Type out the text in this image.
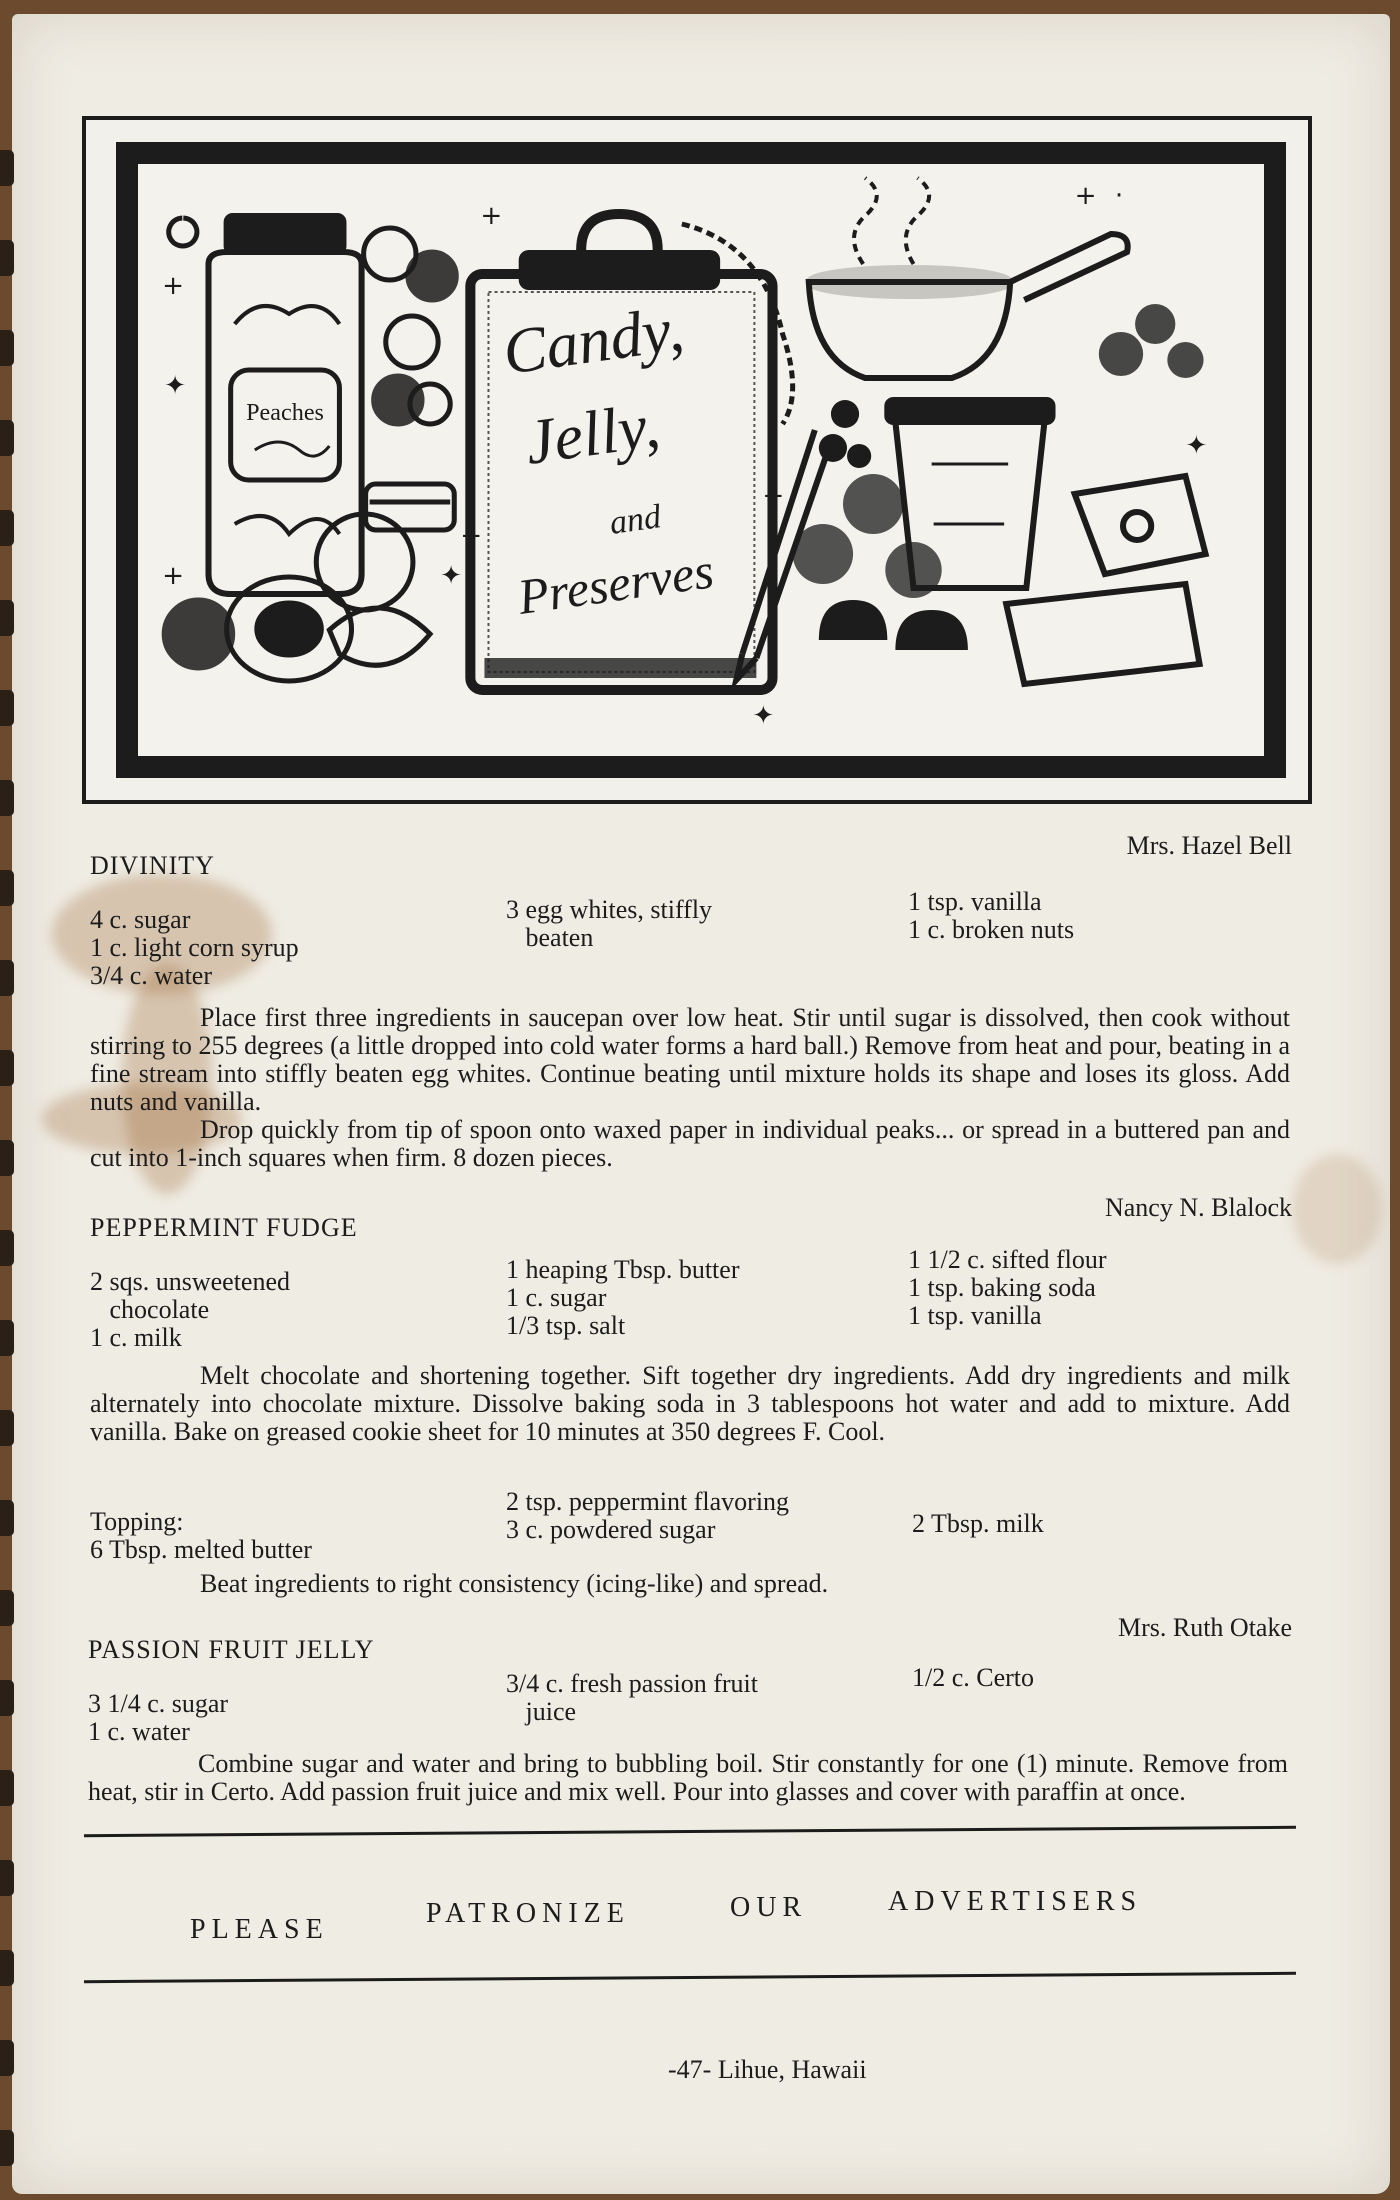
Peaches
Candy,
Jelly,
and
Preserves
+
✦
+
+
+
✦
+
✦
✦
+
·
·
DIVINITY
Mrs. Hazel Bell
4 c. sugar
1 c. light corn syrup
3/4 c. water
3 egg whites, stiffly
beaten
1 tsp. vanilla
1 c. broken nuts

Place first three ingredients in saucepan over low heat. Stir until sugar is dissolved, then cook without stirring to 255 degrees (a little dropped into cold water forms a hard ball.) Remove from heat and pour, beating in a fine stream into stiffly beaten egg whites. Continue beating until mixture holds its shape and loses its gloss. Add nuts and vanilla.

Drop quickly from tip of spoon onto waxed paper in individual peaks... or spread in a buttered pan and cut into 1-inch squares when firm. 8 dozen pieces.

PEPPERMINT FUDGE
Nancy N. Blalock
2 sqs. unsweetened
chocolate
1 c. milk
1 heaping Tbsp. butter
1 c. sugar
1/3 tsp. salt
1 1/2 c. sifted flour
1 tsp. baking soda
1 tsp. vanilla

Melt chocolate and shortening together. Sift together dry ingredients. Add dry ingredients and milk alternately into chocolate mixture. Dissolve baking soda in 3 tablespoons hot water and add to mixture. Add vanilla. Bake on greased cookie sheet for 10 minutes at 350 degrees F. Cool.

Topping:
6 Tbsp. melted butter
2 tsp. peppermint flavoring
3 c. powdered sugar	2 Tbsp. milk
Beat ingredients to right consistency (icing-like) and spread.
PASSION FRUIT JELLY
Mrs. Ruth Otake
3 1/4 c. sugar
1 c. water
3/4 c. fresh passion fruit
juice
1/2 c. Certo

Combine sugar and water and bring to bubbling boil. Stir constantly for one (1) minute. Remove from heat, stir in Certo. Add passion fruit juice and mix well. Pour into glasses and cover with paraffin at once.

PLEASE
PATRONIZE	OUR	ADVERTISERS
-47- Lihue, Hawaii
